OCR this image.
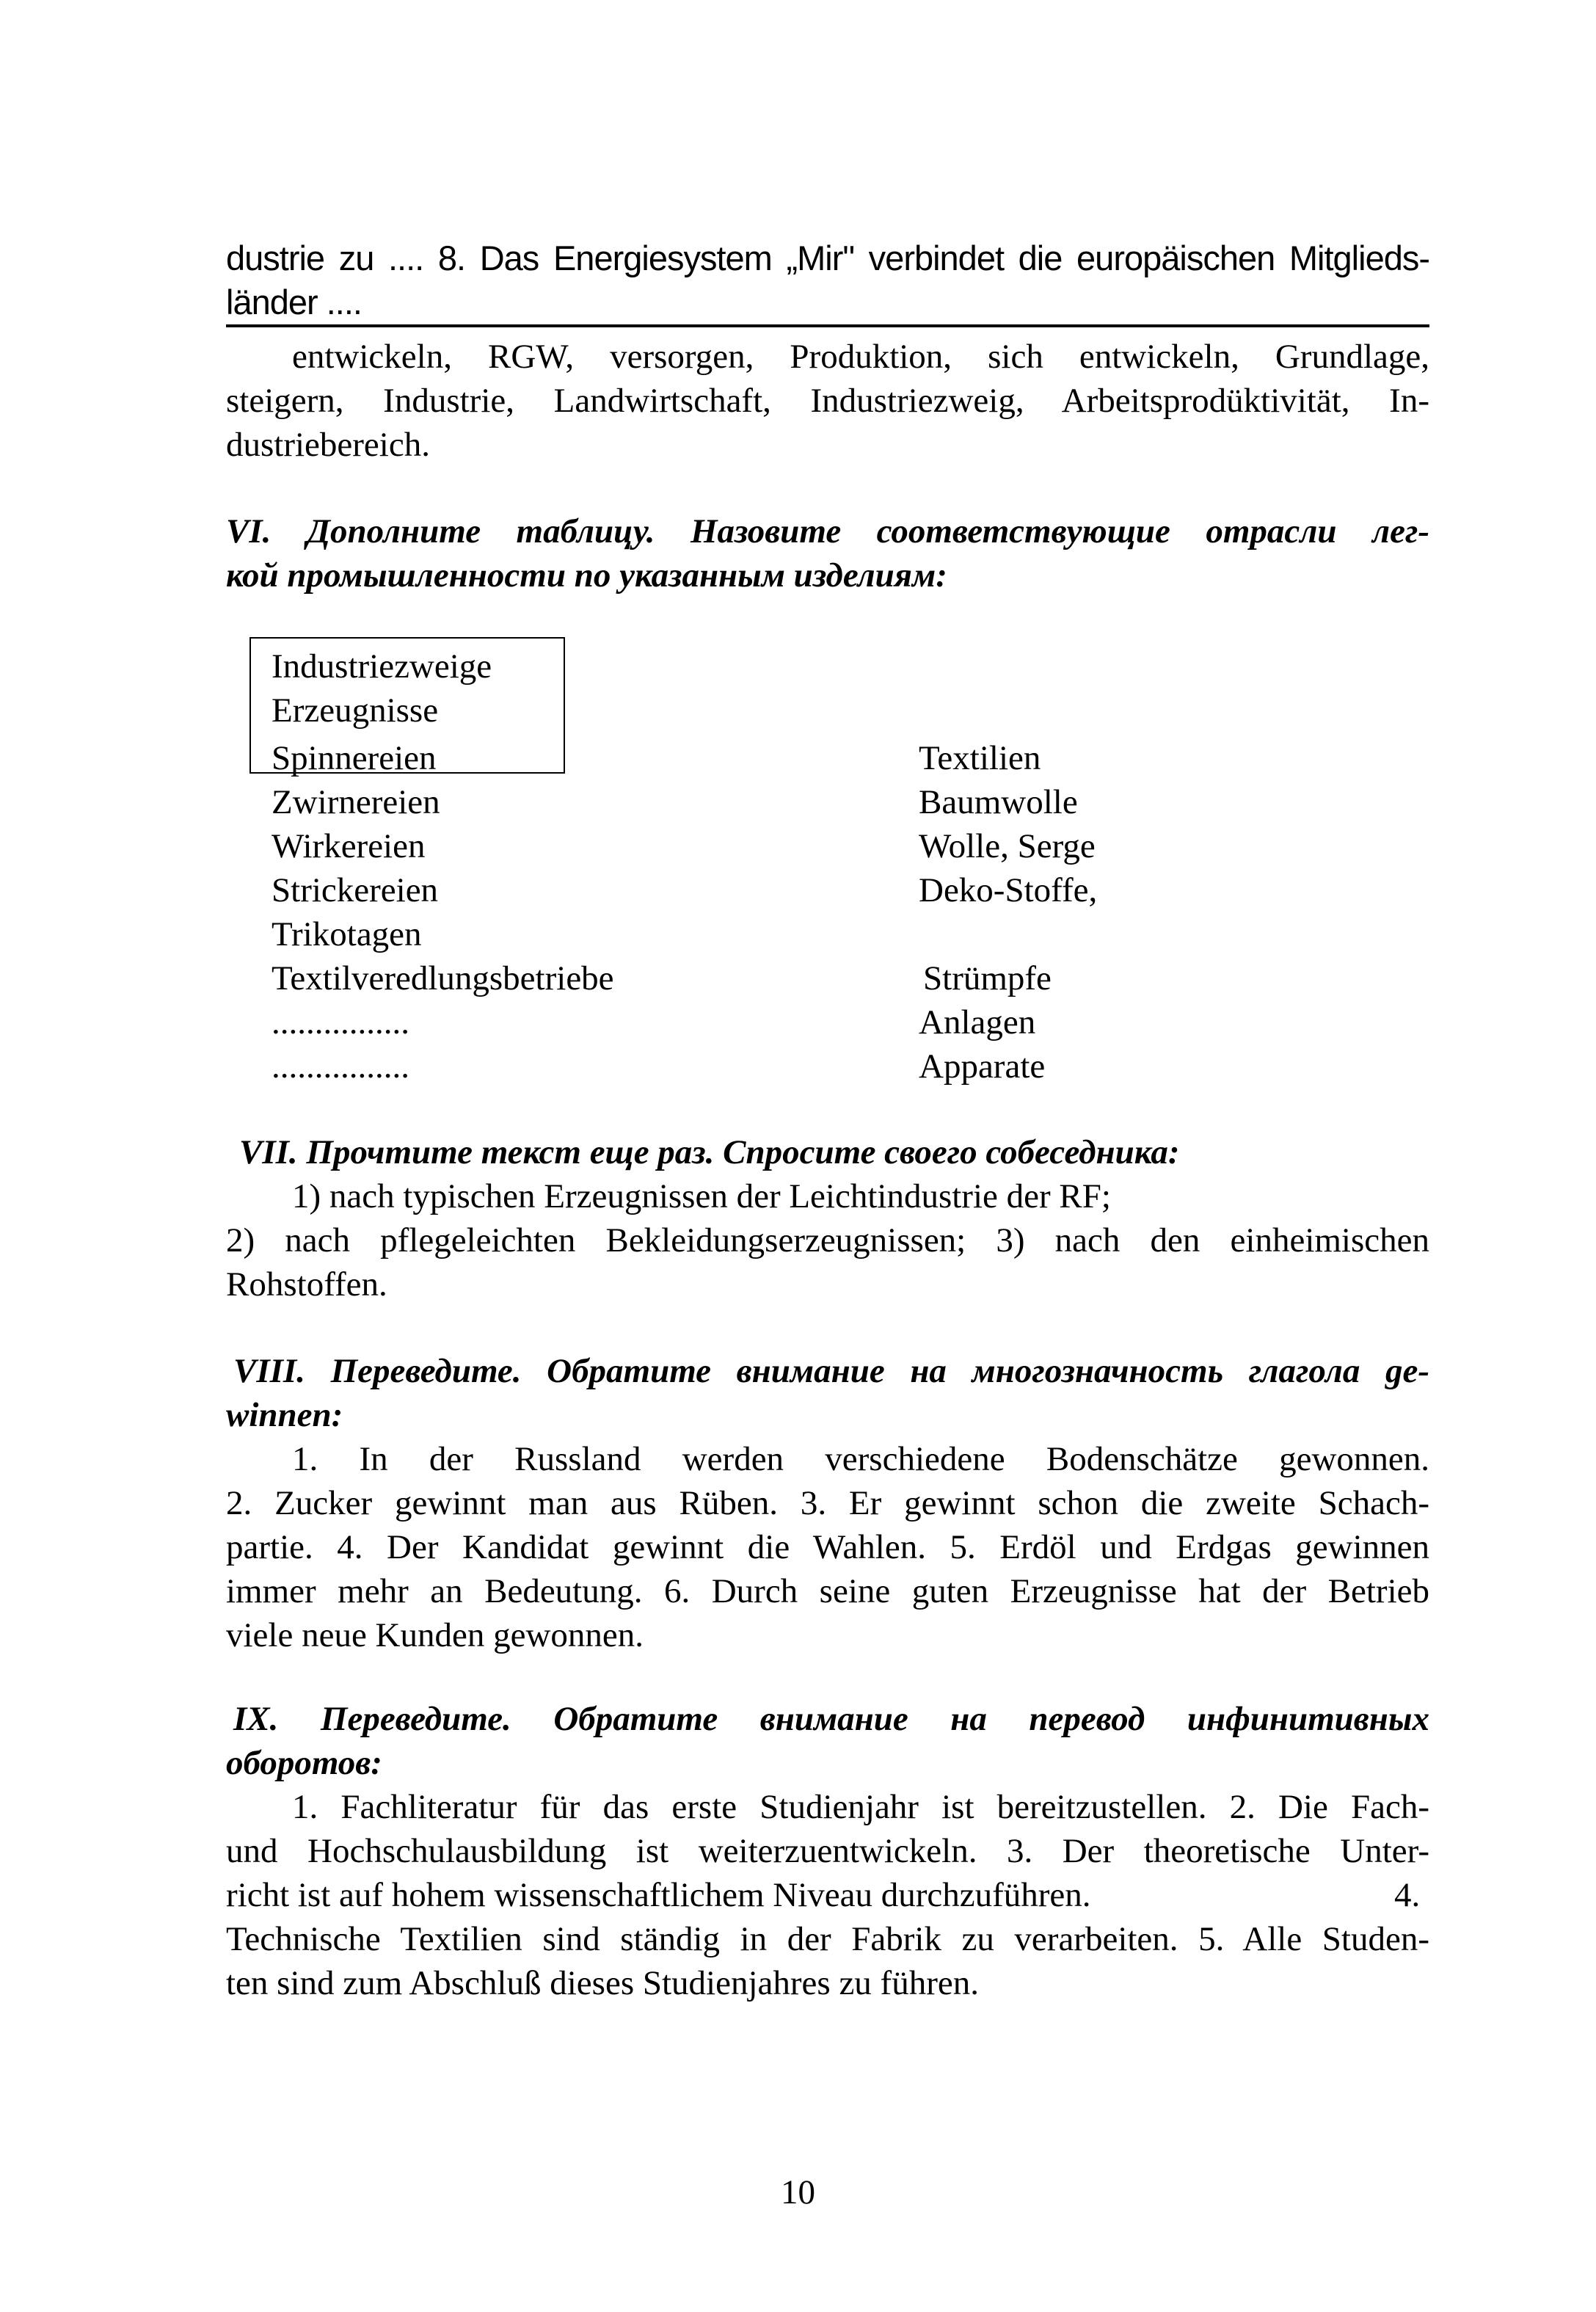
dustrie zu .... 8. Das Energiesystem „Mir" verbindet die europäischen Mitglieds-
länder ....
entwickeln, RGW, versorgen, Produktion, sich entwickeln, Grundlage,
steigern, Industrie, Landwirtschaft, Industriezweig, Arbeitsprodüktivität, In-
dustriebereich.
VI. Дополните таблицу. Назовите соответствующие отрасли лег-
кой промышленности по указанным изделиям:
Industriezweige
Erzeugnisse
Spinnereien
Zwirnereien
Wirkereien
Strickereien
Trikotagen
Textilveredlungsbetriebe
................
................
Textilien
Baumwolle
Wolle, Serge
Deko-Stoffe,
Strümpfe
Anlagen
Apparate
VII. Прочтите текст еще раз. Спросите своего собеседника:
1) nach typischen Erzeugnissen der Leichtindustrie der RF;
2) nach pflegeleichten Bekleidungserzeugnissen; 3) nach den einheimischen
Rohstoffen.
VIII. Переведите. Обратите внимание на многозначность глагола ge-
winnen:
1. In der Russland werden verschiedene Bodenschätze gewonnen.
2. Zucker gewinnt man aus Rüben. 3. Er gewinnt schon die zweite Schach-
partie. 4. Der Kandidat gewinnt die Wahlen. 5. Erdöl und Erdgas gewinnen
immer mehr an Bedeutung. 6. Durch seine guten Erzeugnisse hat der Betrieb
viele neue Kunden gewonnen.
IX. Переведите. Обратите внимание на перевод инфинитивных
оборотов:
1. Fachliteratur für das erste Studienjahr ist bereitzustellen. 2. Die Fach-
und Hochschulausbildung ist weiterzuentwickeln. 3. Der theoretische Unter-
richt ist auf hohem wissenschaftlichem Niveau durchzuführen.	4.
Technische Textilien sind ständig in der Fabrik zu verarbeiten. 5. Alle Studen-
ten sind zum Abschluß dieses Studienjahres zu führen.
10
